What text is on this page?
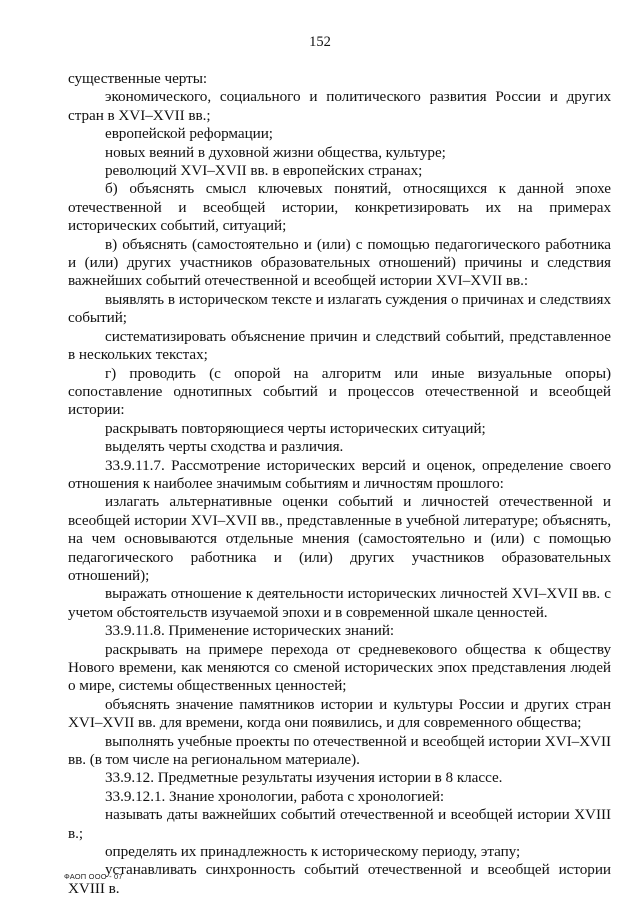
152

существенные черты:

экономического, социального и политического развития России и других стран в XVI–XVII вв.;

европейской реформации;

новых веяний в духовной жизни общества, культуре;

революций XVI–XVII вв. в европейских странах;

б) объяснять смысл ключевых понятий, относящихся к данной эпохе отечественной и всеобщей истории, конкретизировать их на примерах исторических событий, ситуаций;

в) объяснять (самостоятельно и (или) с помощью педагогического работника и (или) других участников образовательных отношений) причины и следствия важнейших событий отечественной и всеобщей истории XVI–XVII вв.:

выявлять в историческом тексте и излагать суждения о причинах и следствиях событий;

систематизировать объяснение причин и следствий событий, представленное в нескольких текстах;

г) проводить (с опорой на алгоритм или иные визуальные опоры) сопоставление однотипных событий и процессов отечественной и всеобщей истории:

раскрывать повторяющиеся черты исторических ситуаций;

выделять черты сходства и различия.

33.9.11.7. Рассмотрение исторических версий и оценок, определение своего отношения к наиболее значимым событиям и личностям прошлого:

излагать альтернативные оценки событий и личностей отечественной и всеобщей истории XVI–XVII вв., представленные в учебной литературе; объяснять, на чем основываются отдельные мнения (самостоятельно и (или) с помощью педагогического работника и (или) других участников образовательных отношений);

выражать отношение к деятельности исторических личностей XVI–XVII вв. с учетом обстоятельств изучаемой эпохи и в современной шкале ценностей.

33.9.11.8. Применение исторических знаний:

раскрывать на примере перехода от средневекового общества к обществу Нового времени, как меняются со сменой исторических эпох представления людей о мире, системы общественных ценностей;

объяснять значение памятников истории и культуры России и других стран XVI–XVII вв. для времени, когда они появились, и для современного общества;

выполнять учебные проекты по отечественной и всеобщей истории XVI–XVII вв. (в том числе на региональном материале).

33.9.12. Предметные результаты изучения истории в 8 классе.

33.9.12.1. Знание хронологии, работа с хронологией:

называть даты важнейших событий отечественной и всеобщей истории XVIII в.;

определять их принадлежность к историческому периоду, этапу;

устанавливать синхронность событий отечественной и всеобщей истории XVIII в.

ФАОП ООО - 07
